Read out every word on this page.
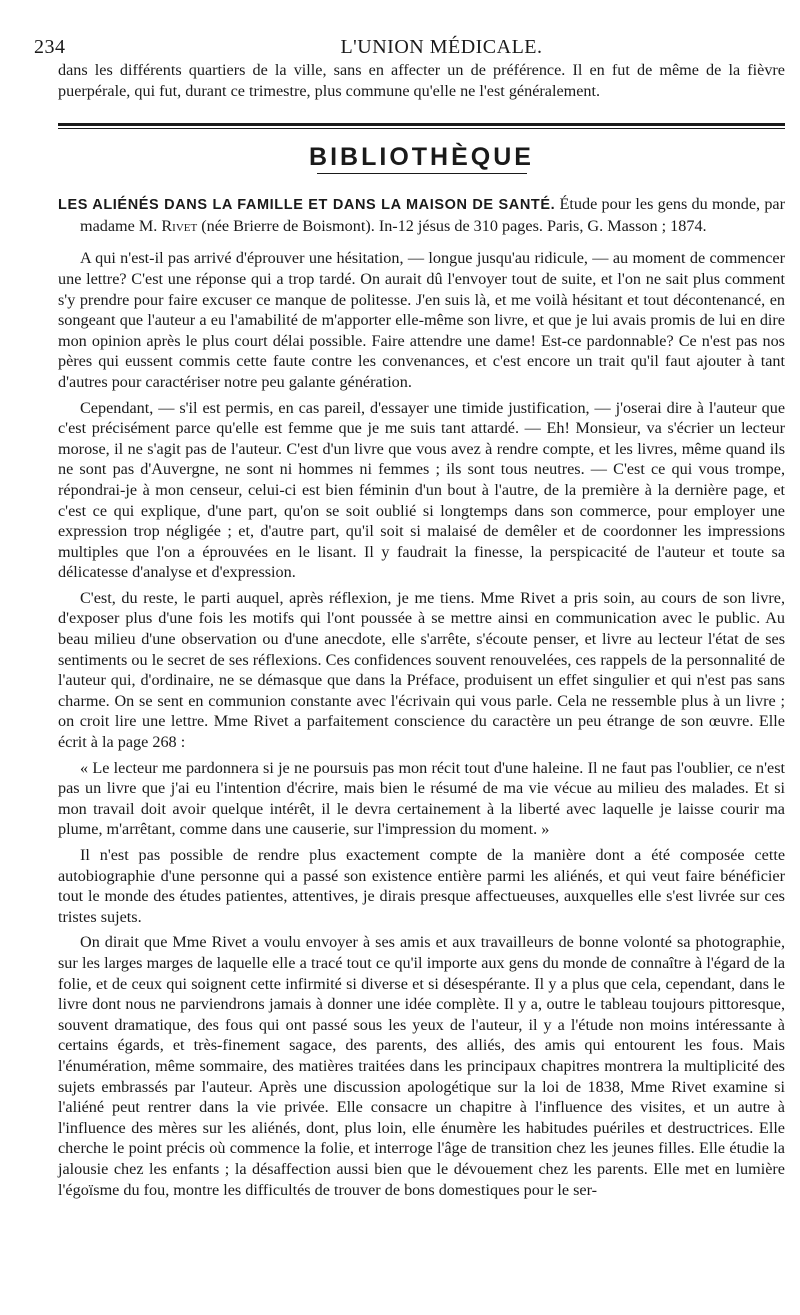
234	L'UNION MÉDICALE.

dans les différents quartiers de la ville, sans en affecter un de préférence. Il en fut de même de la fièvre puerpérale, qui fut, durant ce trimestre, plus commune qu'elle ne l'est généralement.

BIBLIOTHÈQUE

LES ALIÉNÉS DANS LA FAMILLE ET DANS LA MAISON DE SANTÉ. Étude pour les gens du monde, par madame M. Rivet (née Brierre de Boismont). In-12 jésus de 310 pages. Paris, G. Masson ; 1874.

A qui n'est-il pas arrivé d'éprouver une hésitation, — longue jusqu'au ridicule, — au moment de commencer une lettre? C'est une réponse qui a trop tardé. On aurait dû l'envoyer tout de suite, et l'on ne sait plus comment s'y prendre pour faire excuser ce manque de politesse. J'en suis là, et me voilà hésitant et tout décontenancé, en songeant que l'auteur a eu l'amabilité de m'apporter elle-même son livre, et que je lui avais promis de lui en dire mon opinion après le plus court délai possible. Faire attendre une dame! Est-ce pardonnable? Ce n'est pas nos pères qui eussent commis cette faute contre les convenances, et c'est encore un trait qu'il faut ajouter à tant d'autres pour caractériser notre peu galante génération.

Cependant, — s'il est permis, en cas pareil, d'essayer une timide justification, — j'oserai dire à l'auteur que c'est précisément parce qu'elle est femme que je me suis tant attardé. — Eh! Monsieur, va s'écrier un lecteur morose, il ne s'agit pas de l'auteur. C'est d'un livre que vous avez à rendre compte, et les livres, même quand ils ne sont pas d'Auvergne, ne sont ni hommes ni femmes ; ils sont tous neutres. — C'est ce qui vous trompe, répondrai-je à mon censeur, celui-ci est bien féminin d'un bout à l'autre, de la première à la dernière page, et c'est ce qui explique, d'une part, qu'on se soit oublié si longtemps dans son commerce, pour employer une expression trop négligée ; et, d'autre part, qu'il soit si malaisé de demêler et de coordonner les impressions multiples que l'on a éprouvées en le lisant. Il y faudrait la finesse, la perspicacité de l'auteur et toute sa délicatesse d'analyse et d'expression.

C'est, du reste, le parti auquel, après réflexion, je me tiens. Mme Rivet a pris soin, au cours de son livre, d'exposer plus d'une fois les motifs qui l'ont poussée à se mettre ainsi en communication avec le public. Au beau milieu d'une observation ou d'une anecdote, elle s'arrête, s'écoute penser, et livre au lecteur l'état de ses sentiments ou le secret de ses réflexions. Ces confidences souvent renouvelées, ces rappels de la personnalité de l'auteur qui, d'ordinaire, ne se démasque que dans la Préface, produisent un effet singulier et qui n'est pas sans charme. On se sent en communion constante avec l'écrivain qui vous parle. Cela ne ressemble plus à un livre ; on croit lire une lettre. Mme Rivet a parfaitement conscience du caractère un peu étrange de son œuvre. Elle écrit à la page 268 :

« Le lecteur me pardonnera si je ne poursuis pas mon récit tout d'une haleine. Il ne faut pas l'oublier, ce n'est pas un livre que j'ai eu l'intention d'écrire, mais bien le résumé de ma vie vécue au milieu des malades. Et si mon travail doit avoir quelque intérêt, il le devra certainement à la liberté avec laquelle je laisse courir ma plume, m'arrêtant, comme dans une causerie, sur l'impression du moment. »

Il n'est pas possible de rendre plus exactement compte de la manière dont a été composée cette autobiographie d'une personne qui a passé son existence entière parmi les aliénés, et qui veut faire bénéficier tout le monde des études patientes, attentives, je dirais presque affectueuses, auxquelles elle s'est livrée sur ces tristes sujets.

On dirait que Mme Rivet a voulu envoyer à ses amis et aux travailleurs de bonne volonté sa photographie, sur les larges marges de laquelle elle a tracé tout ce qu'il importe aux gens du monde de connaître à l'égard de la folie, et de ceux qui soignent cette infirmité si diverse et si désespérante. Il y a plus que cela, cependant, dans le livre dont nous ne parviendrons jamais à donner une idée complète. Il y a, outre le tableau toujours pittoresque, souvent dramatique, des fous qui ont passé sous les yeux de l'auteur, il y a l'étude non moins intéressante à certains égards, et très-finement sagace, des parents, des alliés, des amis qui entourent les fous. Mais l'énumération, même sommaire, des matières traitées dans les principaux chapitres montrera la multiplicité des sujets embrassés par l'auteur. Après une discussion apologétique sur la loi de 1838, Mme Rivet examine si l'aliéné peut rentrer dans la vie privée. Elle consacre un chapitre à l'influence des visites, et un autre à l'influence des mères sur les aliénés, dont, plus loin, elle énumère les habitudes puériles et destructrices. Elle cherche le point précis où commence la folie, et interroge l'âge de transition chez les jeunes filles. Elle étudie la jalousie chez les enfants ; la désaffection aussi bien que le dévouement chez les parents. Elle met en lumière l'égoïsme du fou, montre les difficultés de trouver de bons domestiques pour le ser-
